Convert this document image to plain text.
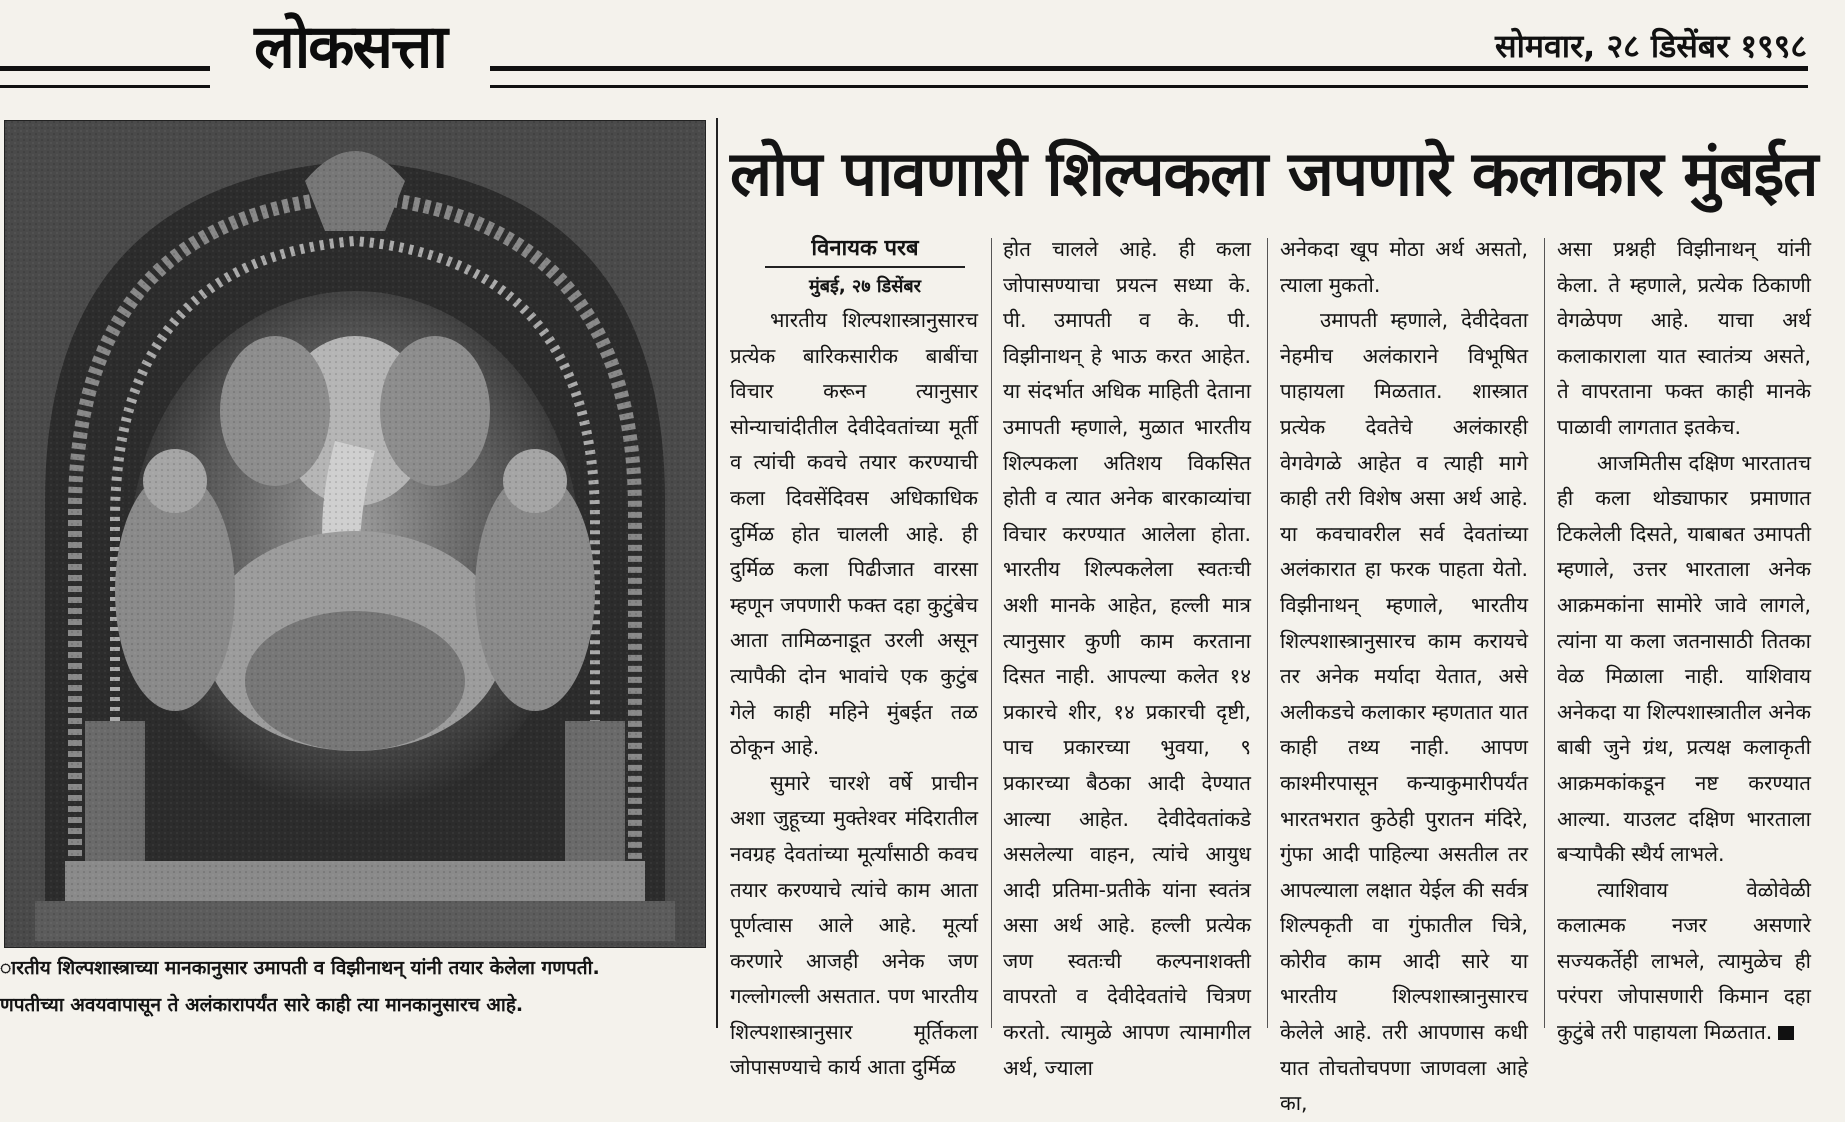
लोकसत्ता	सोमवार, २८ डिसेंबर १९९८
ारतीय शिल्पशास्त्राच्या मानकानुसार उमापती व विझीनाथन् यांनी तयार केलेला गणपती.
णपतीच्या अवयवापासून ते अलंकारापर्यंत सारे काही त्या मानकानुसारच आहे.
लोप पावणारी शिल्पकला जपणारे कलाकार मुंबईत
विनायक परब
मुंबई, २७ डिसेंबर

भारतीय शिल्पशास्त्रानुसारच प्रत्येक बारिकसारीक बाबींचा विचार करून त्यानुसार सोन्याचांदीतील देवीदेवतांच्या मूर्ती व त्यांची कवचे तयार करण्याची कला दिवसेंदिवस अधिकाधिक दुर्मिळ होत चालली आहे. ही दुर्मिळ कला पिढीजात वारसा म्हणून जपणारी फक्त दहा कुटुंबेच आता तामिळनाडूत उरली असून त्यापैकी दोन भावांचे एक कुटुंब गेले काही महिने मुंबईत तळ ठोकून आहे.

सुमारे चारशे वर्षे प्राचीन अशा जुहूच्या मुक्तेश्वर मंदिरातील नवग्रह देवतांच्या मूर्त्यांसाठी कवच तयार करण्याचे त्यांचे काम आता पूर्णत्वास आले आहे. मूर्त्या करणारे आजही अनेक जण गल्लोगल्ली असतात. पण भारतीय शिल्पशास्त्रानुसार मूर्तिकला जोपासण्याचे कार्य आता दुर्मिळ

होत चालले आहे. ही कला जोपासण्याचा प्रयत्न सध्या के. पी. उमापती व के. पी. विझीनाथन् हे भाऊ करत आहेत. या संदर्भात अधिक माहिती देताना उमापती म्हणाले, मुळात भारतीय शिल्पकला अतिशय विकसित होती व त्यात अनेक बारकाव्यांचा विचार करण्यात आलेला होता. भारतीय शिल्पकलेला स्वतःची अशी मानके आहेत, हल्ली मात्र त्यानुसार कुणी काम करताना दिसत नाही. आपल्या कलेत १४ प्रकारचे शीर, १४ प्रकारची दृष्टी, पाच प्रकारच्या भुवया, ९ प्रकारच्या बैठका आदी देण्यात आल्या आहेत. देवीदेवतांकडे असलेल्या वाहन, त्यांचे आयुध आदी प्रतिमा-प्रतीके यांना स्वतंत्र असा अर्थ आहे. हल्ली प्रत्येक जण स्वतःची कल्पनाशक्ती वापरतो व देवीदेवतांचे चित्रण करतो. त्यामुळे आपण त्यामागील अर्थ, ज्याला

अनेकदा खूप मोठा अर्थ असतो, त्याला मुकतो.

उमापती म्हणाले, देवीदेवता नेहमीच अलंकाराने विभूषित पाहायला मिळतात. शास्त्रात प्रत्येक देवतेचे अलंकारही वेगवेगळे आहेत व त्याही मागे काही तरी विशेष असा अर्थ आहे. या कवचावरील सर्व देवतांच्या अलंकारात हा फरक पाहता येतो. विझीनाथन् म्हणाले, भारतीय शिल्पशास्त्रानुसारच काम करायचे तर अनेक मर्यादा येतात, असे अलीकडचे कलाकार म्हणतात यात काही तथ्य नाही. आपण काश्मीरपासून कन्याकुमारीपर्यंत भारतभरात कुठेही पुरातन मंदिरे, गुंफा आदी पाहिल्या असतील तर आपल्याला लक्षात येईल की सर्वत्र शिल्पकृती वा गुंफातील चित्रे, कोरीव काम आदी सारे या भारतीय शिल्पशास्त्रानुसारच केलेले आहे. तरी आपणास कधी यात तोचतोचपणा जाणवला आहे का,

असा प्रश्नही विझीनाथन् यांनी केला. ते म्हणाले, प्रत्येक ठिकाणी वेगळेपण आहे. याचा अर्थ कलाकाराला यात स्वातंत्र्य असते, ते वापरताना फक्त काही मानके पाळावी लागतात इतकेच.

आजमितीस दक्षिण भारतातच ही कला थोड्याफार प्रमाणात टिकलेली दिसते, याबाबत उमापती म्हणाले, उत्तर भारताला अनेक आक्रमकांना सामोरे जावे लागले, त्यांना या कला जतनासाठी तितका वेळ मिळाला नाही. याशिवाय अनेकदा या शिल्पशास्त्रातील अनेक बाबी जुने ग्रंथ, प्रत्यक्ष कलाकृती आक्रमकांकडून नष्ट करण्यात आल्या. याउलट दक्षिण भारताला बऱ्यापैकी स्थैर्य लाभले.

त्याशिवाय वेळोवेळी कलात्मक नजर असणारे सज्यकर्तेही लाभले, त्यामुळेच ही परंपरा जोपासणारी किमान दहा कुटुंबे तरी पाहायला मिळतात.
